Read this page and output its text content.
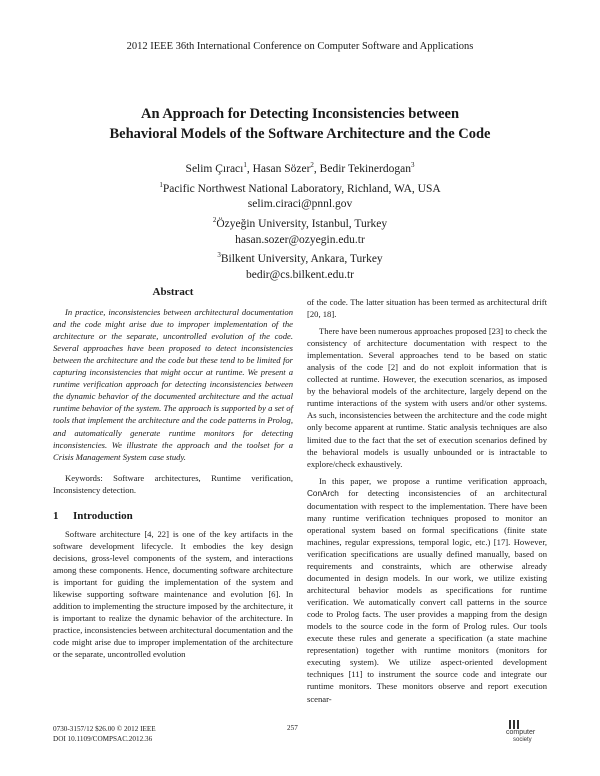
2012 IEEE 36th International Conference on Computer Software and Applications
An Approach for Detecting Inconsistencies between
Behavioral Models of the Software Architecture and the Code
Selim Çıracı$^1$, Hasan Sözer$^2$, Bedir Tekinerdogan$^3$
$^1$Pacific Northwest National Laboratory, Richland, WA, USA
selim.ciraci@pnnl.gov
$^2$Özyeğin University, Istanbul, Turkey
hasan.sozer@ozyegin.edu.tr
$^3$Bilkent University, Ankara, Turkey
bedir@cs.bilkent.edu.tr

Abstract

In practice, inconsistencies between architectural documentation and the code might arise due to improper implementation of the architecture or the separate, uncontrolled evolution of the code. Several approaches have been proposed to detect inconsistencies between the architecture and the code but these tend to be limited for capturing inconsistencies that might occur at runtime. We present a runtime verification approach for detecting inconsistencies between the dynamic behavior of the documented architecture and the actual runtime behavior of the system. The approach is supported by a set of tools that implement the architecture and the code patterns in Prolog, and automatically generate runtime monitors for detecting inconsistencies. We illustrate the approach and the toolset for a Crisis Management System case study.

Keywords: Software architectures, Runtime verification, Inconsistency detection.

1 Introduction

Software architecture [4, 22] is one of the key artifacts in the software development lifecycle. It embodies the key design decisions, gross-level components of the system, and interactions among these components. Hence, documenting software architecture is important for guiding the implementation of the system and likewise supporting software maintenance and evolution [6]. In addition to implementing the structure imposed by the architecture, it is important to realize the dynamic behavior of the architecture. In practice, inconsistencies between architectural documentation and the code might arise due to improper implementation of the architecture or the separate, uncontrolled evolution

of the code. The latter situation has been termed as architectural drift [20, 18].

There have been numerous approaches proposed [23] to check the consistency of architecture documentation with respect to the implementation. Several approaches tend to be based on static analysis of the code [2] and do not exploit information that is collected at runtime. However, the execution scenarios, as imposed by the behavioral models of the architecture, largely depend on the runtime interactions of the system with users and/or other systems. As such, inconsistencies between the architecture and the code might only become apparent at runtime. Static analysis techniques are also limited due to the fact that the set of execution scenarios defined by the behavioral models is usually unbounded or is intractable to explore/check exhaustively.

In this paper, we propose a runtime verification approach, ConArch for detecting inconsistencies of an architectural documentation with respect to the implementation. There have been many runtime verification techniques proposed to monitor an operational system based on formal specifications (finite state machines, regular expressions, temporal logic, etc.) [17]. However, verification specifications are usually defined manually, based on requirements and constraints, which are otherwise already documented in design models. In our work, we utilize existing architectural behavior models as specifications for runtime verification. We automatically convert call patterns in the source code to Prolog facts. The user provides a mapping from the design models to the source code in the form of Prolog rules. Our tools execute these rules and generate a specification (a state machine representation) together with runtime monitors (monitors for executing system). We utilize aspect-oriented development techniques [11] to instrument the source code and integrate our runtime monitors. These monitors observe and report execution scenar-

0730-3157/12 $26.00 © 2012 IEEE
DOI 10.1109/COMPSAC.2012.36
257
computer
society
